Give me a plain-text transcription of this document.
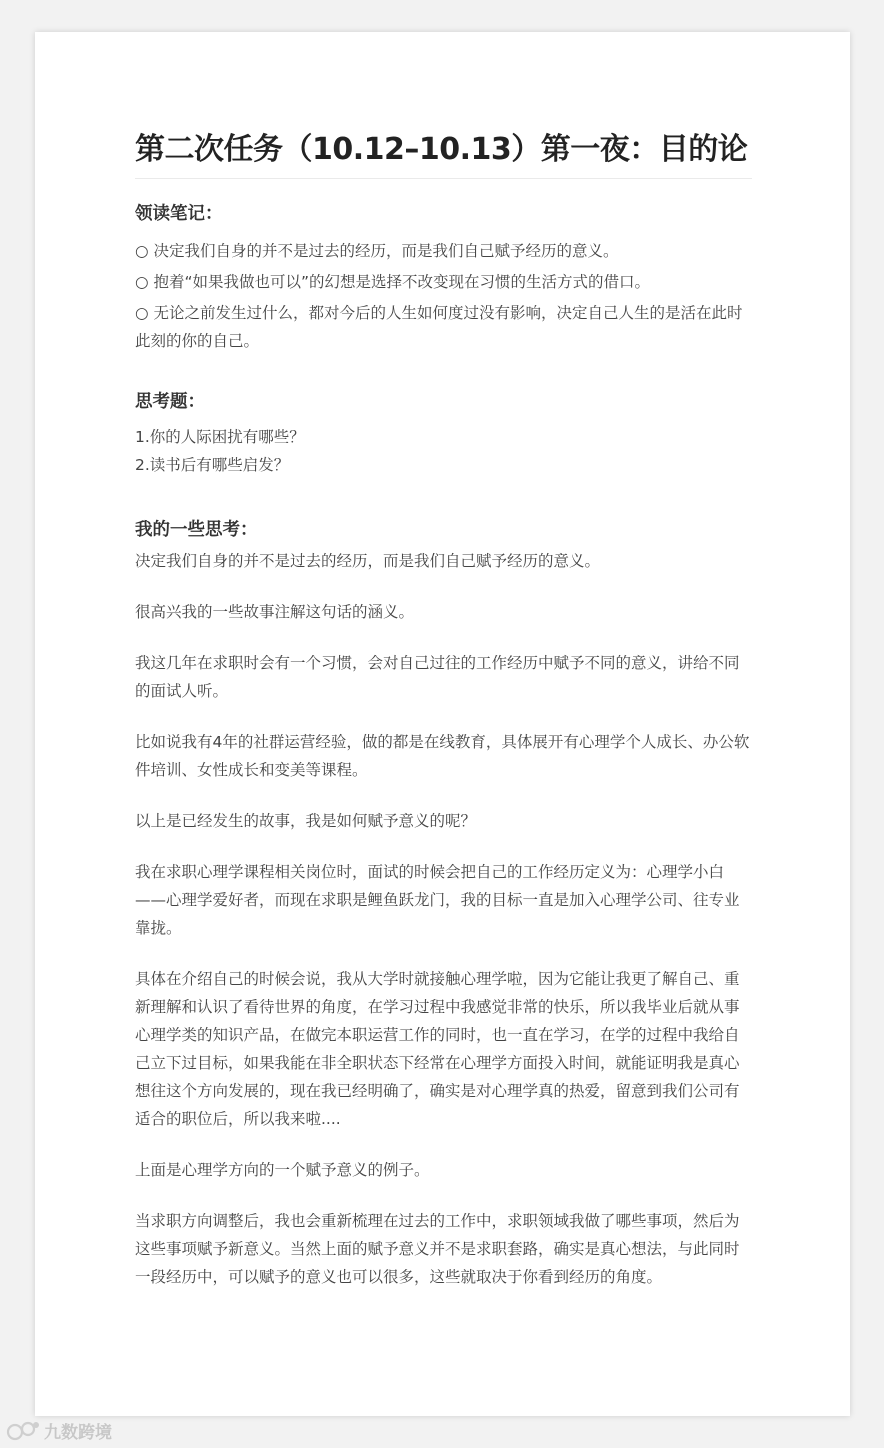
第二次任务（10.12–10.13）第一夜：目的论
领读笔记：
○ 决定我们自身的并不是过去的经历，而是我们自己赋予经历的意义。
○ 抱着“如果我做也可以”的幻想是选择不改变现在习惯的生活方式的借口。
○ 无论之前发生过什么，都对今后的人生如何度过没有影响，决定自己人生的是活在此时此刻的你的自己。
思考题：
1.你的人际困扰有哪些？
2.读书后有哪些启发？
我的一些思考：

决定我们自身的并不是过去的经历，而是我们自己赋予经历的意义。

很高兴我的一些故事注解这句话的涵义。

我这几年在求职时会有一个习惯，会对自己过往的工作经历中赋予不同的意义，讲给不同的面试人听。

比如说我有4年的社群运营经验，做的都是在线教育，具体展开有心理学个人成长、办公软件培训、女性成长和变美等课程。

以上是已经发生的故事，我是如何赋予意义的呢？

我在求职心理学课程相关岗位时，面试的时候会把自己的工作经历定义为：心理学小白——心理学爱好者，而现在求职是鲤鱼跃龙门，我的目标一直是加入心理学公司、往专业靠拢。

具体在介绍自己的时候会说，我从大学时就接触心理学啦，因为它能让我更了解自己、重新理解和认识了看待世界的角度，在学习过程中我感觉非常的快乐，所以我毕业后就从事心理学类的知识产品，在做完本职运营工作的同时，也一直在学习，在学的过程中我给自己立下过目标，如果我能在非全职状态下经常在心理学方面投入时间，就能证明我是真心想往这个方向发展的，现在我已经明确了，确实是对心理学真的热爱，留意到我们公司有适合的职位后，所以我来啦....

上面是心理学方向的一个赋予意义的例子。

当求职方向调整后，我也会重新梳理在过去的工作中，求职领域我做了哪些事项，然后为这些事项赋予新意义。当然上面的赋予意义并不是求职套路，确实是真心想法，与此同时一段经历中，可以赋予的意义也可以很多，这些就取决于你看到经历的角度。

九数跨境
